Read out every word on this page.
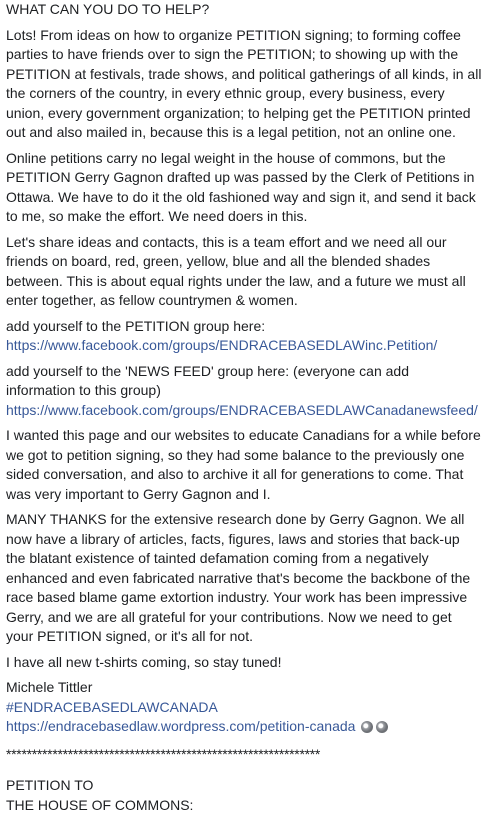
WHAT CAN YOU DO TO HELP?

Lots! From ideas on how to organize PETITION signing; to forming coffee

parties to have friends over to sign the PETITION; to showing up with the

PETITION at festivals, trade shows, and political gatherings of all kinds, in all

the corners of the country, in every ethnic group, every business, every

union, every government organization; to helping get the PETITION printed

out and also mailed in, because this is a legal petition, not an online one.

Online petitions carry no legal weight in the house of commons, but the

PETITION Gerry Gagnon drafted up was passed by the Clerk of Petitions in

Ottawa. We have to do it the old fashioned way and sign it, and send it back

to me, so make the effort. We need doers in this.

Let's share ideas and contacts, this is a team effort and we need all our

friends on board, red, green, yellow, blue and all the blended shades

between. This is about equal rights under the law, and a future we must all

enter together, as fellow countrymen & women.

add yourself to the PETITION group here:

https://www.facebook.com/groups/ENDRACEBASEDLAWinc.Petition/

add yourself to the 'NEWS FEED' group here: (everyone can add

information to this group)

https://www.facebook.com/groups/ENDRACEBASEDLAWCanadanewsfeed/

I wanted this page and our websites to educate Canadians for a while before

we got to petition signing, so they had some balance to the previously one

sided conversation, and also to archive it all for generations to come. That

was very important to Gerry Gagnon and I.

MANY THANKS for the extensive research done by Gerry Gagnon. We all

now have a library of articles, facts, figures, laws and stories that back-up

the blatant existence of tainted defamation coming from a negatively

enhanced and even fabricated narrative that's become the backbone of the

race based blame game extortion industry. Your work has been impressive

Gerry, and we are all grateful for your contributions. Now we need to get

your PETITION signed, or it's all for not.

I have all new t-shirts coming, so stay tuned!

Michele Tittler

#ENDRACEBASEDLAWCANADA

https://endracebasedlaw.wordpress.com/petition-canada

*************************************************************

PETITION TO

THE HOUSE OF COMMONS:
